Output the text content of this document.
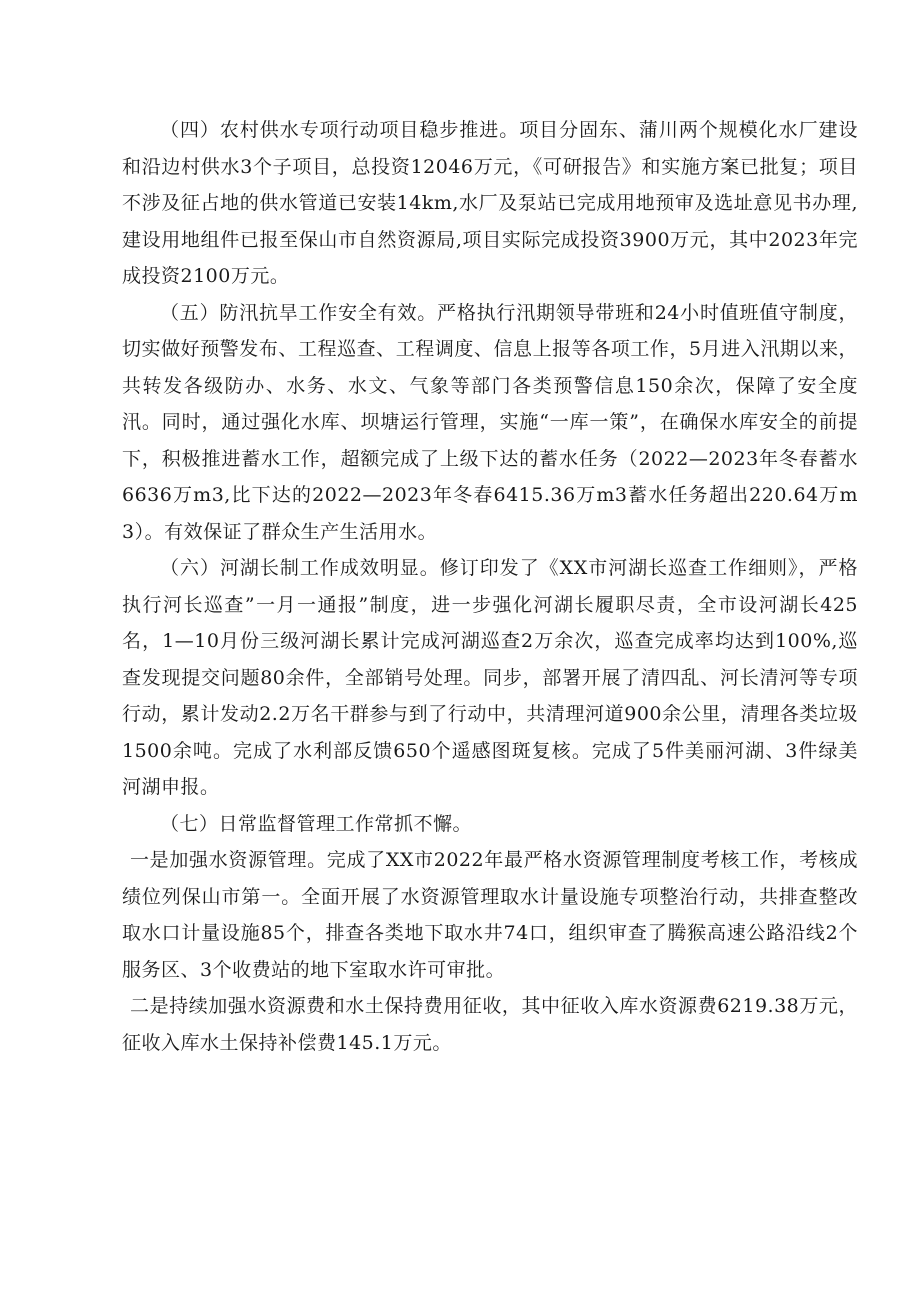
（四）农村供水专项行动项目稳步推进。项目分固东、蒲川两个规模化水厂建设和沿边村供水3个子项目，总投资12046万元，《可研报告》和实施方案已批复；项目不涉及征占地的供水管道已安装14km,水厂及泵站已完成用地预审及选址意见书办理,建设用地组件已报至保山市自然资源局,项目实际完成投资3900万元，其中2023年完成投资2100万元。

（五）防汛抗旱工作安全有效。严格执行汛期领导带班和24小时值班值守制度，切实做好预警发布、工程巡查、工程调度、信息上报等各项工作，5月进入汛期以来，共转发各级防办、水务、水文、气象等部门各类预警信息150余次，保障了安全度汛。同时，通过强化水库、坝塘运行管理，实施“一库一策”，在确保水库安全的前提下，积极推进蓄水工作，超额完成了上级下达的蓄水任务（2022—2023年冬春蓄水6636万m3,比下达的2022—2023年冬春6415.36万m3蓄水任务超出220.64万m3）。有效保证了群众生产生活用水。

（六）河湖长制工作成效明显。修订印发了《XX市河湖长巡查工作细则》，严格执行河长巡查”一月一通报”制度，进一步强化河湖长履职尽责，全市设河湖长425名，1—10月份三级河湖长累计完成河湖巡查2万余次，巡查完成率均达到100%,巡查发现提交问题80余件，全部销号处理。同步，部署开展了清四乱、河长清河等专项行动，累计发动2.2万名干群参与到了行动中，共清理河道900余公里，清理各类垃圾1500余吨。完成了水利部反馈650个遥感图斑复核。完成了5件美丽河湖、3件绿美河湖申报。

（七）日常监督管理工作常抓不懈。

一是加强水资源管理。完成了XX市2022年最严格水资源管理制度考核工作，考核成绩位列保山市第一。全面开展了水资源管理取水计量设施专项整治行动，共排查整改取水口计量设施85个，排查各类地下取水井74口，组织审查了腾猴高速公路沿线2个服务区、3个收费站的地下室取水许可审批。

二是持续加强水资源费和水土保持费用征收，其中征收入库水资源费6219.38万元，征收入库水土保持补偿费145.1万元。
